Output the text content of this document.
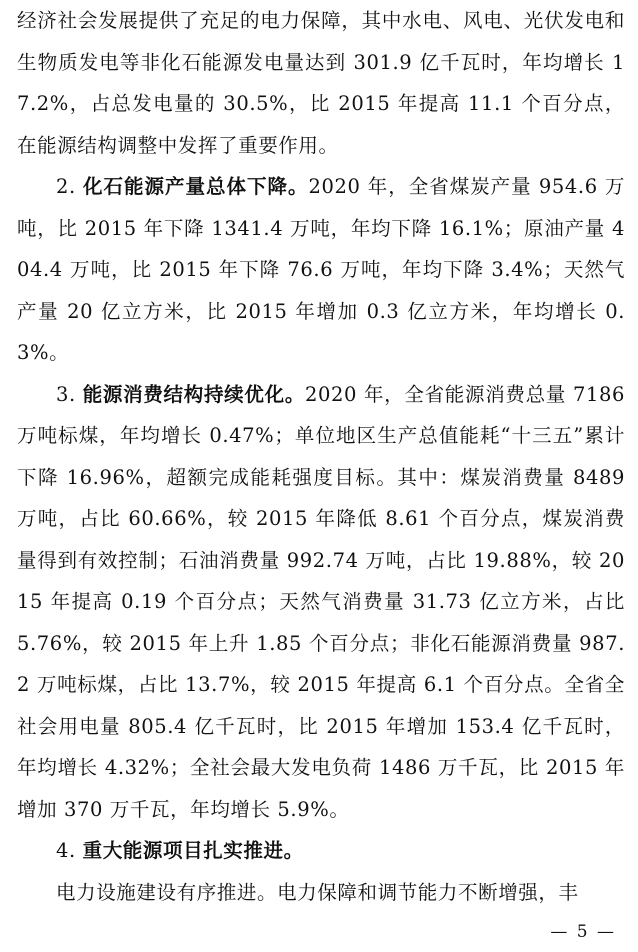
经济社会发展提供了充足的电力保障，其中水电、风电、光伏发电和生物质发电等非化石能源发电量达到 301.9 亿千瓦时，年均增长 17.2%，占总发电量的 30.5%，比 2015 年提高 11.1 个百分点，在能源结构调整中发挥了重要作用。

2. 化石能源产量总体下降。2020 年，全省煤炭产量 954.6 万吨，比 2015 年下降 1341.4 万吨，年均下降 16.1%；原油产量 404.4 万吨，比 2015 年下降 76.6 万吨，年均下降 3.4%；天然气产量 20 亿立方米，比 2015 年增加 0.3 亿立方米，年均增长 0.3%。

3. 能源消费结构持续优化。2020 年，全省能源消费总量 7186 万吨标煤，年均增长 0.47%；单位地区生产总值能耗“十三五”累计下降 16.96%，超额完成能耗强度目标。其中：煤炭消费量 8489 万吨，占比 60.66%，较 2015 年降低 8.61 个百分点，煤炭消费量得到有效控制；石油消费量 992.74 万吨，占比 19.88%，较 2015 年提高 0.19 个百分点；天然气消费量 31.73 亿立方米，占比 5.76%，较 2015 年上升 1.85 个百分点；非化石能源消费量 987.2 万吨标煤，占比 13.7%，较 2015 年提高 6.1 个百分点。全省全社会用电量 805.4 亿千瓦时，比 2015 年增加 153.4 亿千瓦时，年均增长 4.32%；全社会最大发电负荷 1486 万千瓦，比 2015 年增加 370 万千瓦，年均增长 5.9%。

4. 重大能源项目扎实推进。

电力设施建设有序推进。电力保障和调节能力不断增强，丰

— 5 —
